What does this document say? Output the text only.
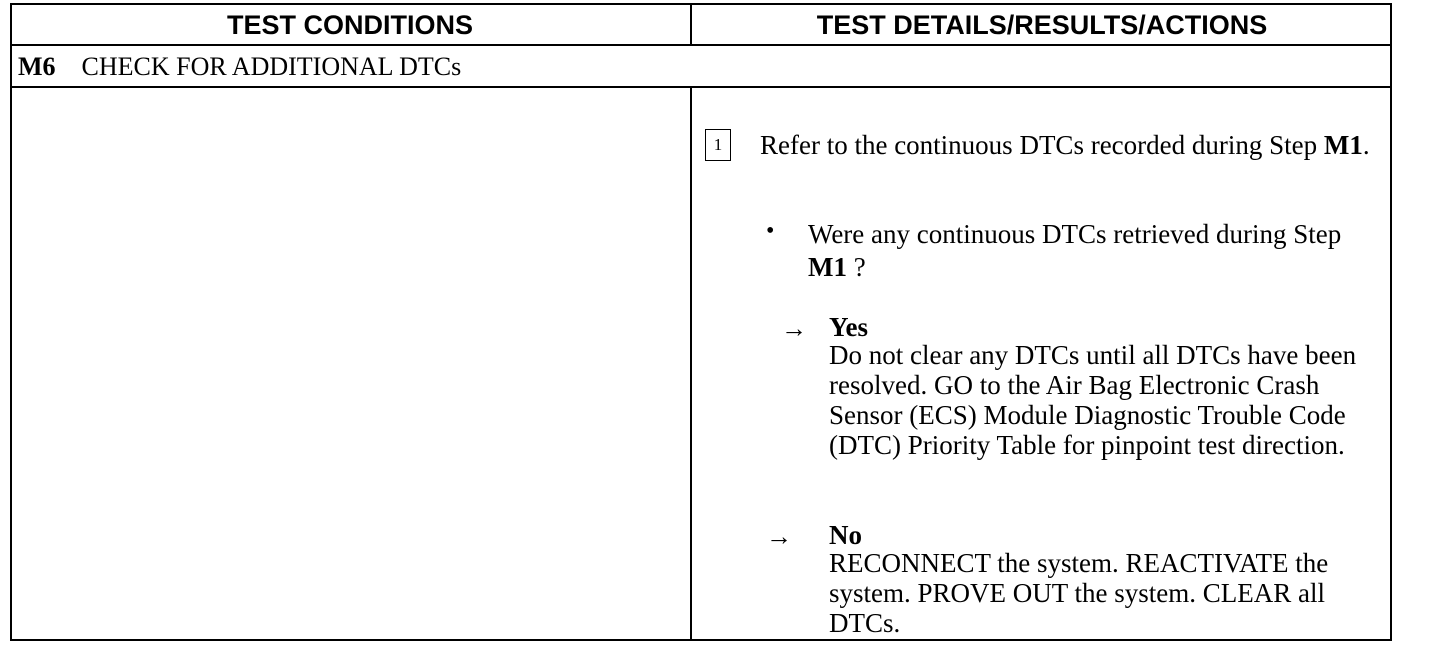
TEST CONDITIONS	TEST DETAILS/RESULTS/ACTIONS
M6 CHECK FOR ADDITIONAL DTCs
1	Refer to the continuous DTCs recorded during Step M1.
• Were any continuous DTCs retrieved during Step M1 ?
→ Yes
Do not clear any DTCs until all DTCs have been resolved. GO to the Air Bag Electronic Crash Sensor (ECS) Module Diagnostic Trouble Code (DTC) Priority Table for pinpoint test direction.
→ No
RECONNECT the system. REACTIVATE the system. PROVE OUT the system. CLEAR all DTCs.
